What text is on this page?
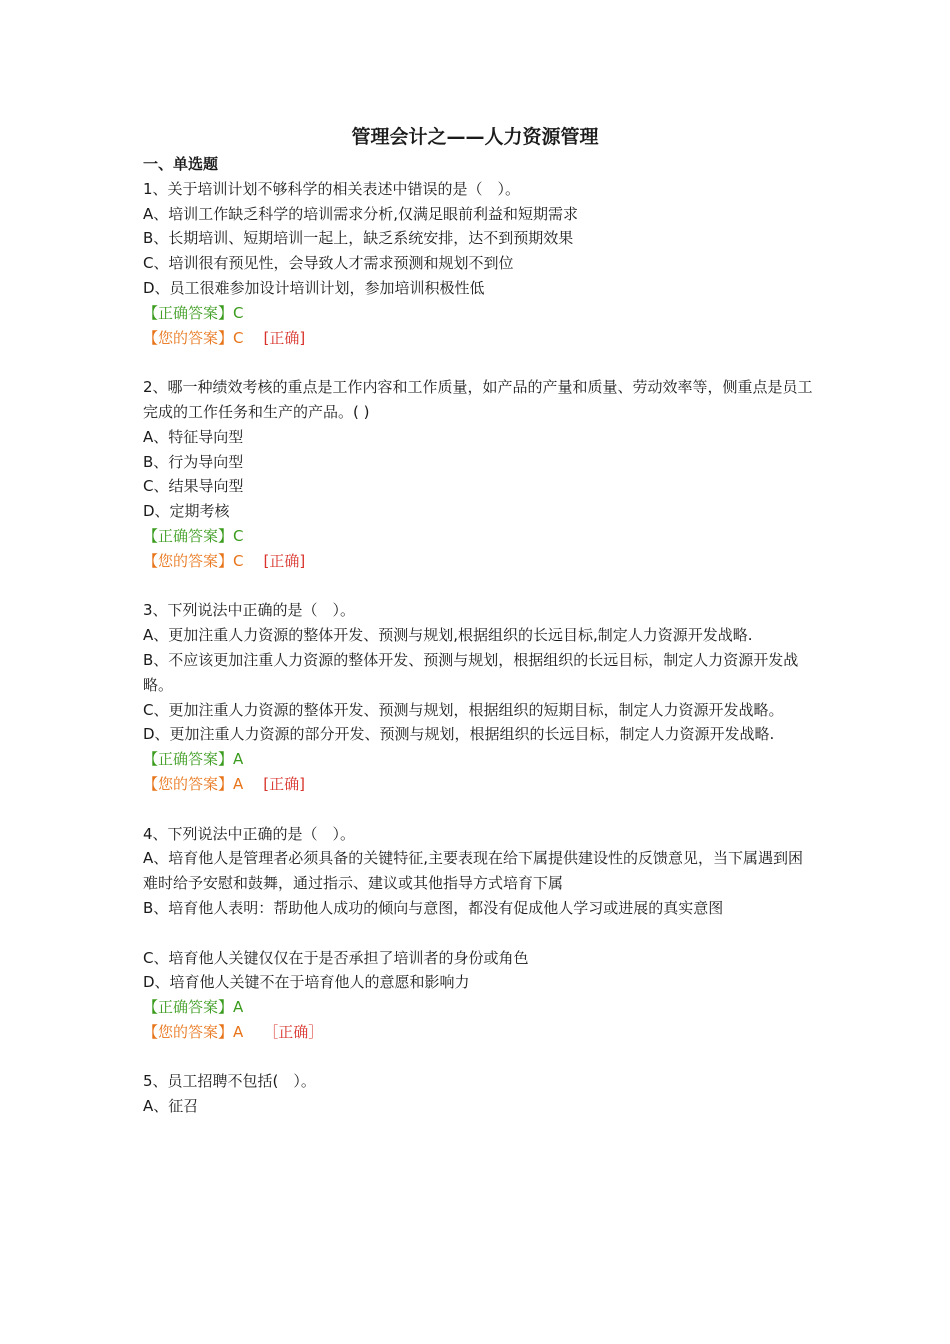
管理会计之——人力资源管理
一、单选题
1、关于培训计划不够科学的相关表述中错误的是（　）。
A、培训工作缺乏科学的培训需求分析,仅满足眼前利益和短期需求
B、长期培训、短期培训一起上，缺乏系统安排，达不到预期效果
C、培训很有预见性，会导致人才需求预测和规划不到位
D、员工很难参加设计培训计划，参加培训积极性低
【正确答案】C
【您的答案】C [正确]
2、哪一种绩效考核的重点是工作内容和工作质量，如产品的产量和质量、劳动效率等，侧重点是员工完成的工作任务和生产的产品。( )
A、特征导向型
B、行为导向型
C、结果导向型
D、定期考核
【正确答案】C
【您的答案】C [正确]
3、下列说法中正确的是（　）。
A、更加注重人力资源的整体开发、预测与规划,根据组织的长远目标,制定人力资源开发战略.
B、不应该更加注重人力资源的整体开发、预测与规划，根据组织的长远目标，制定人力资源开发战略。
C、更加注重人力资源的整体开发、预测与规划，根据组织的短期目标，制定人力资源开发战略。
D、更加注重人力资源的部分开发、预测与规划，根据组织的长远目标，制定人力资源开发战略.
【正确答案】A
【您的答案】A [正确]
4、下列说法中正确的是（　）。
A、培育他人是管理者必须具备的关键特征,主要表现在给下属提供建设性的反馈意见，当下属遇到困难时给予安慰和鼓舞，通过指示、建议或其他指导方式培育下属
B、培育他人表明：帮助他人成功的倾向与意图，都没有促成他人学习或进展的真实意图
C、培育他人关键仅仅在于是否承担了培训者的身份或角色
D、培育他人关键不在于培育他人的意愿和影响力
【正确答案】A
【您的答案】A ［正确］
5、员工招聘不包括(　）。
A、征召
